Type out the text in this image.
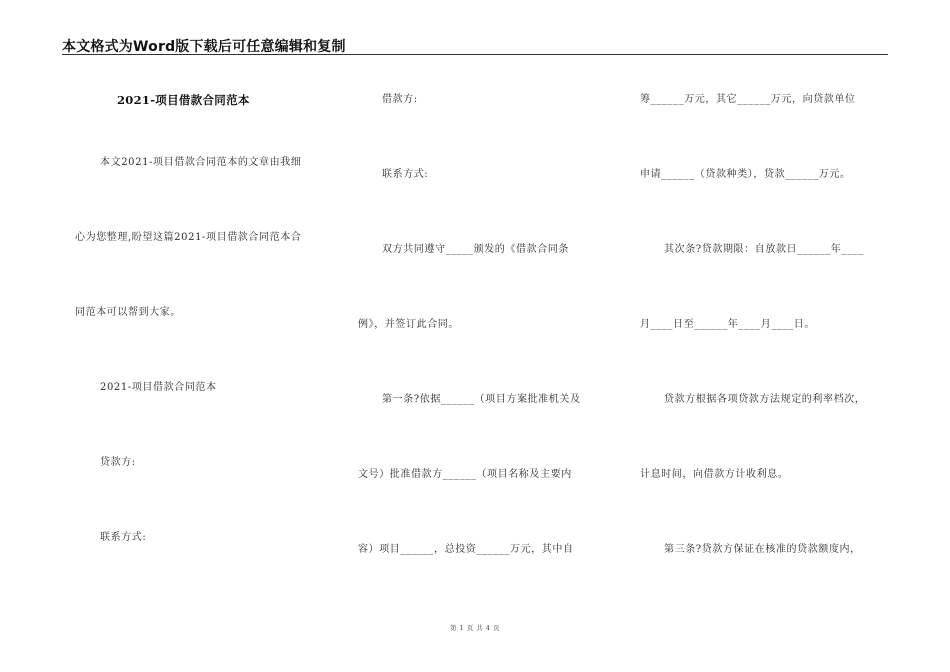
本文格式为Word版下载后可任意编辑和复制
2021-项目借款合同范本
本文2021-项目借款合同范本的文章由我细
心为您整理,盼望这篇2021-项目借款合同范本合
同范本可以帮到大家。
2021-项目借款合同范本
贷款方:
联系方式:
借款方:
联系方式:
双方共同遵守_____颁发的《借款合同条
例》，并签订此合同。
第一条?依据______（项目方案批准机关及
文号）批准借款方______（项目名称及主要内
容）项目______，总投资______万元，其中自
筹______万元，其它______万元，向贷款单位
申请______（贷款种类），贷款______万元。
其次条?贷款期限：自放款日______年____
月____日至______年____月____日。
贷款方根据各项贷款方法规定的利率档次，
计息时间，向借款方计收利息。
第三条?贷款方保证在核准的贷款额度内，
第 1 页 共 4 页
